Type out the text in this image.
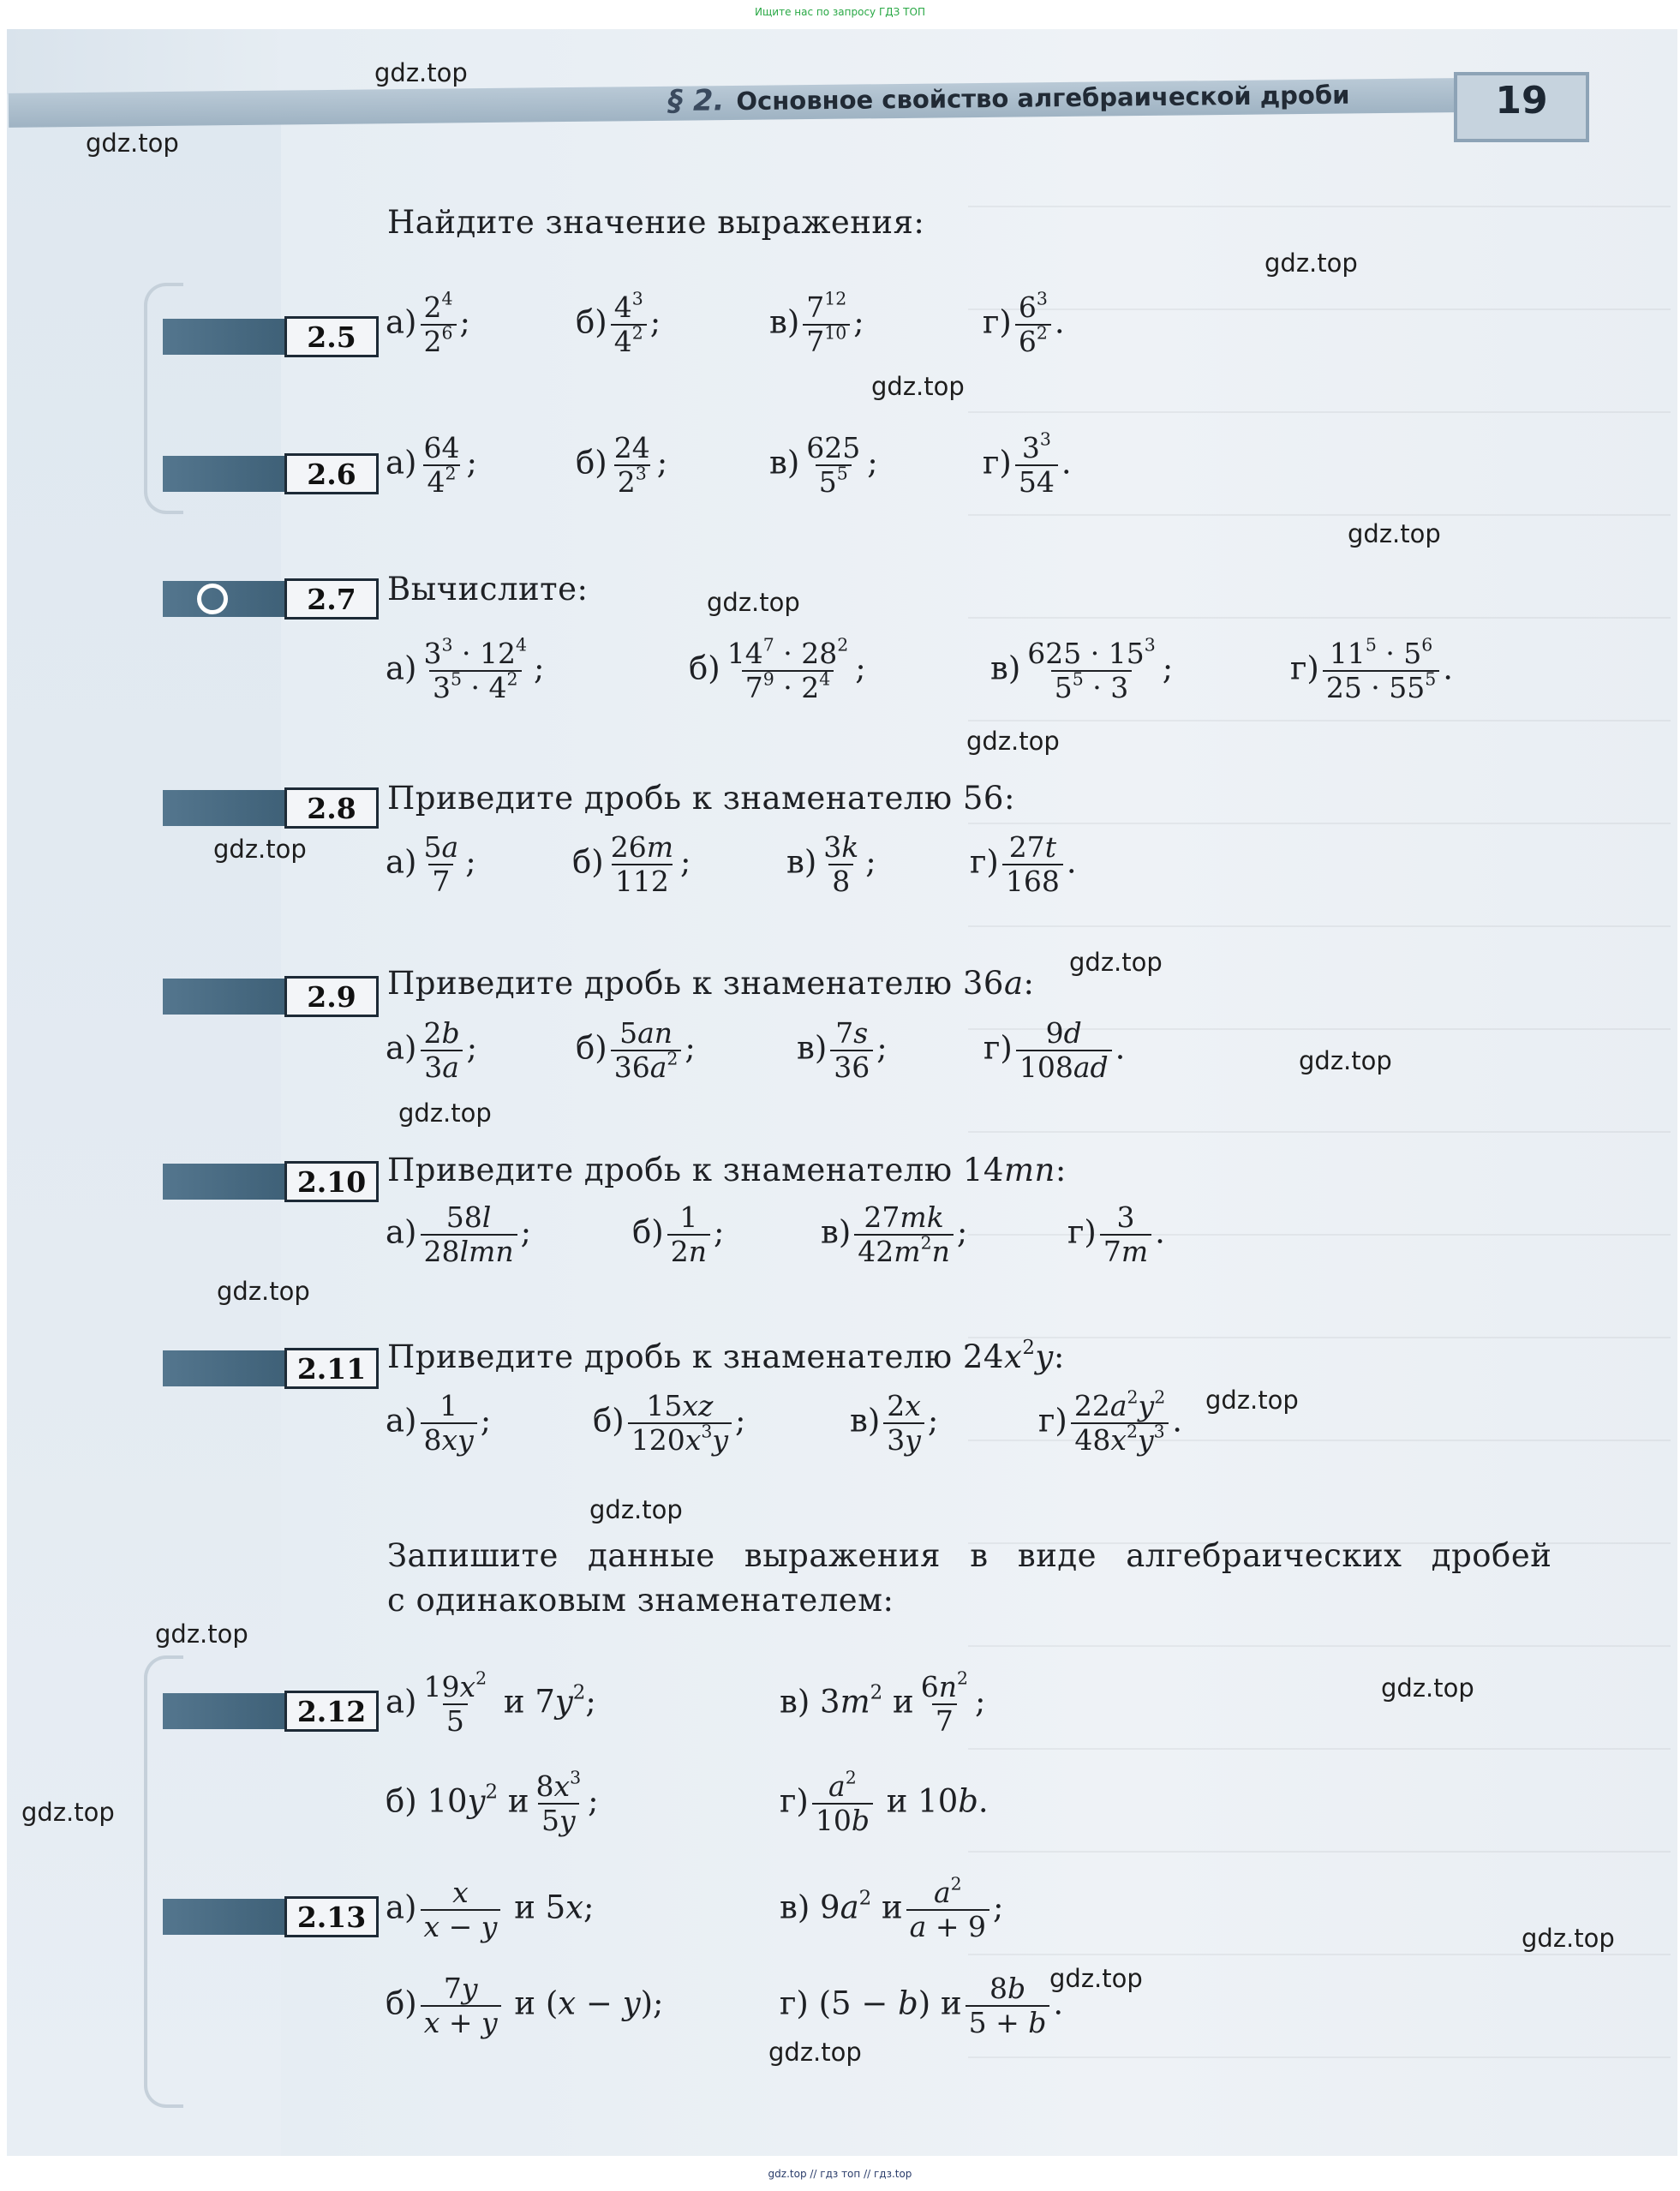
Ищите нас по запросу ГДЗ ТОП
§ 2. Основное свойство алгебраической дроби	19
gdz.top
gdz.top
gdz.top
gdz.top
gdz.top
gdz.top
gdz.top
gdz.top
gdz.top
gdz.top
gdz.top
gdz.top
gdz.top
gdz.top
gdz.top
gdz.top
gdz.top
gdz.top
gdz.top
gdz.top
Найдите значение выражения:
2.5 $а) \frac{2^4}{2^6}$ ;	$б) \frac{4^3}{4^2}$ ;	$в) \frac{7^{12}}{7^{10}}$ ;	$г) \frac{6^3}{6^2}$ .
2.6 $а) \frac{64}{4^2}$ ;	$б) \frac{24}{2^3}$ ;	$в) \frac{625}{5^5}$ ;	$г) \frac{3^3}{54}$ .
2.7 Вычислите:
$а) \frac{3^3 \cdot 12^4}{3^5 \cdot 4^2}$ ;	$б) \frac{14^7 \cdot 28^2}{7^9 \cdot 2^4}$ ;	$в) \frac{625 \cdot 15^3}{5^5 \cdot 3}$ ;	$г) \frac{11^5 \cdot 5^6}{25 \cdot 55^5}$ .
2.8 Приведите дробь к знаменателю 56:
$а) \frac{5a}{7}$ ;	$б) \frac{26m}{112}$ ;	$в) \frac{3k}{8}$ ;	$г) \frac{27t}{168}$ .
2.9 Приведите дробь к знаменателю 36a:
$а) \frac{2b}{3a}$ ;	$б) \frac{5an}{36a^2}$ ;	$в) \frac{7s}{36}$ ;	$г) \frac{9d}{108ad}$ .
2.10 Приведите дробь к знаменателю 14mn:
$а) \frac{58l}{\text{28lmn}}$ ;	$б) \frac{1}{2n}$ ;	$в) \frac{27mk}{42m^2n}$ ;	$г) \frac{3}{7m}$ .
2.11 Приведите дробь к знаменателю $24x^2y$:
$а) \frac{1}{8xy}$ ;	$б) \frac{15xz}{120x^3y}$ ;	$в) \frac{2x}{3y}$ ;	$г) \frac{22a^2y^2}{48x^2y^3}$ .
Запишите данные выражения в виде алгебраических дробей
с одинаковым знаменателем:
2.12 $а) \frac{19x^2}{5}$ и $7y^2$;	в) $3m^2$ и $\frac{6n^2}{7}$ ;
б) $10y^2$ и $\frac{8x^3}{5y}$ ;	$г) \frac{a^2}{10b}$ и 10b.
2.13 $а) \frac{x}{x - y}$ и 5x;	в) $9a^2$ и $\frac{a^2}{a + 9}$ ;
$б) \frac{7y}{x + y}$ и (x − y);	г) (5 − b) и $\frac{8b}{5 + b}$ .
gdz.top // гдз топ // гдз.top
